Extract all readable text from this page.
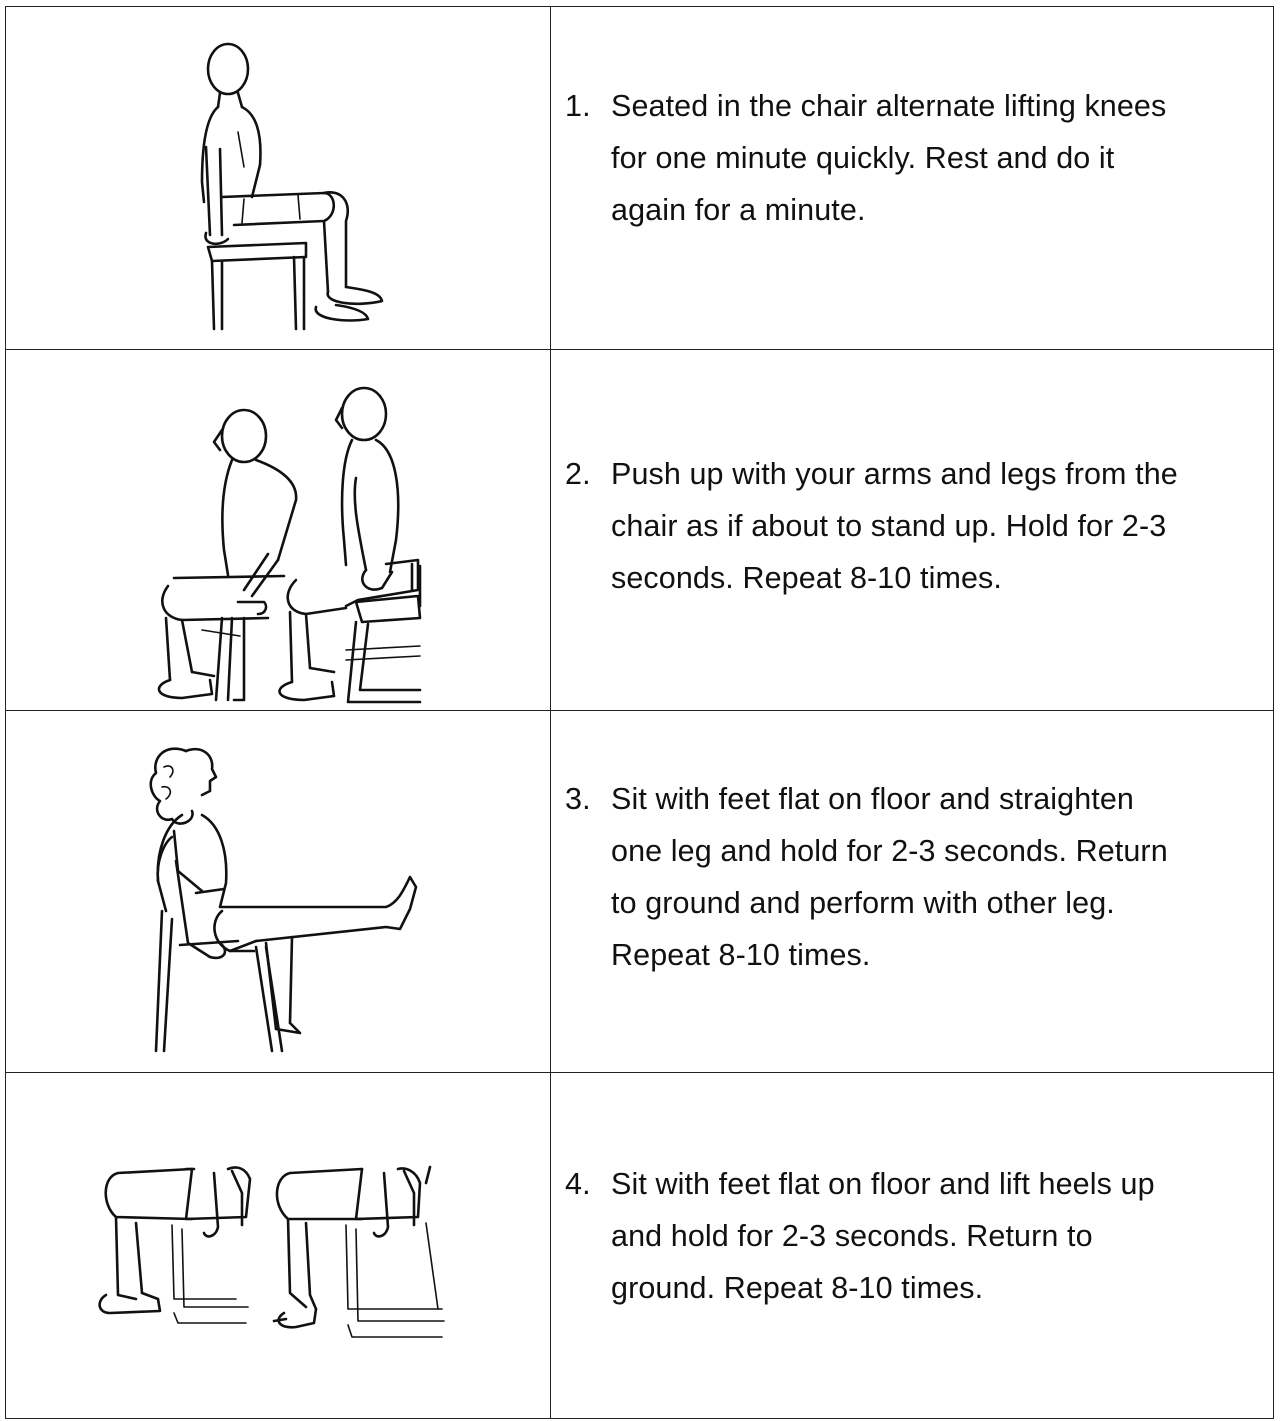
1. Seated in the chair alternate lifting knees
for one minute quickly. Rest and do it
again for a minute.

2. Push up with your arms and legs from the
chair as if about to stand up. Hold for 2-3
seconds. Repeat 8-10 times.

3. Sit with feet flat on floor and straighten
one leg and hold for 2-3 seconds. Return
to ground and perform with other leg.
Repeat 8-10 times.

4. Sit with feet flat on floor and lift heels up
and hold for 2-3 seconds. Return to
ground. Repeat 8-10 times.
